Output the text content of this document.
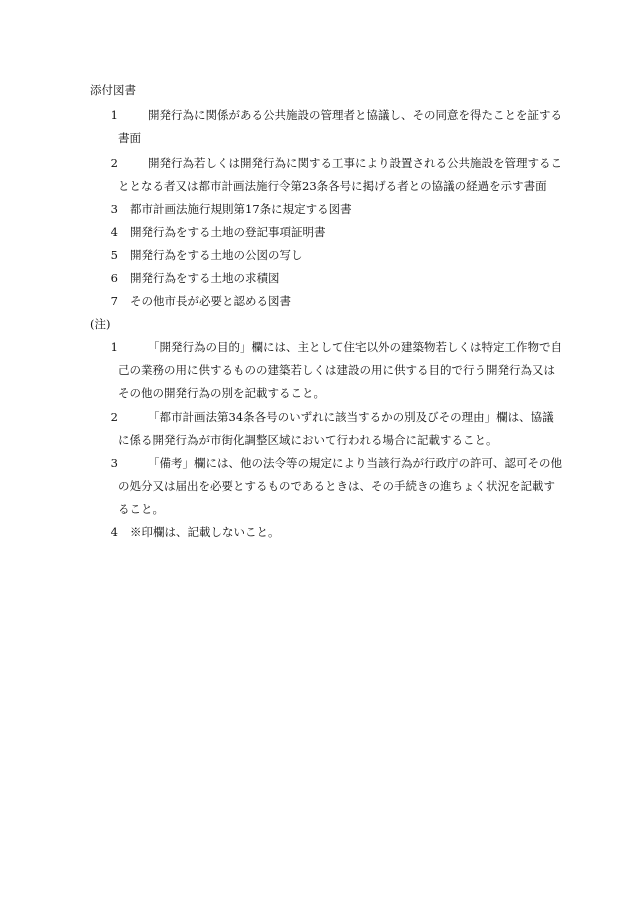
添付図書
1	開発行為に関係がある公共施設の管理者と協議し、その同意を得たことを証する書面
2	開発行為若しくは開発行為に関する工事により設置される公共施設を管理することとなる者又は都市計画法施行令第23条各号に掲げる者との協議の経過を示す書面
3 都市計画法施行規則第17条に規定する図書
4 開発行為をする土地の登記事項証明書
5 開発行為をする土地の公図の写し
6 開発行為をする土地の求積図
7 その他市長が必要と認める図書
(注)
1	「開発行為の目的」欄には、主として住宅以外の建築物若しくは特定工作物で自己の業務の用に供するものの建築若しくは建設の用に供する目的で行う開発行為又はその他の開発行為の別を記載すること。
2	「都市計画法第34条各号のいずれに該当するかの別及びその理由」欄は、協議に係る開発行為が市街化調整区域において行われる場合に記載すること。
3	「備考」欄には、他の法令等の規定により当該行為が行政庁の許可、認可その他の処分又は届出を必要とするものであるときは、その手続きの進ちょく状況を記載すること。
4 ※印欄は、記載しないこと。
